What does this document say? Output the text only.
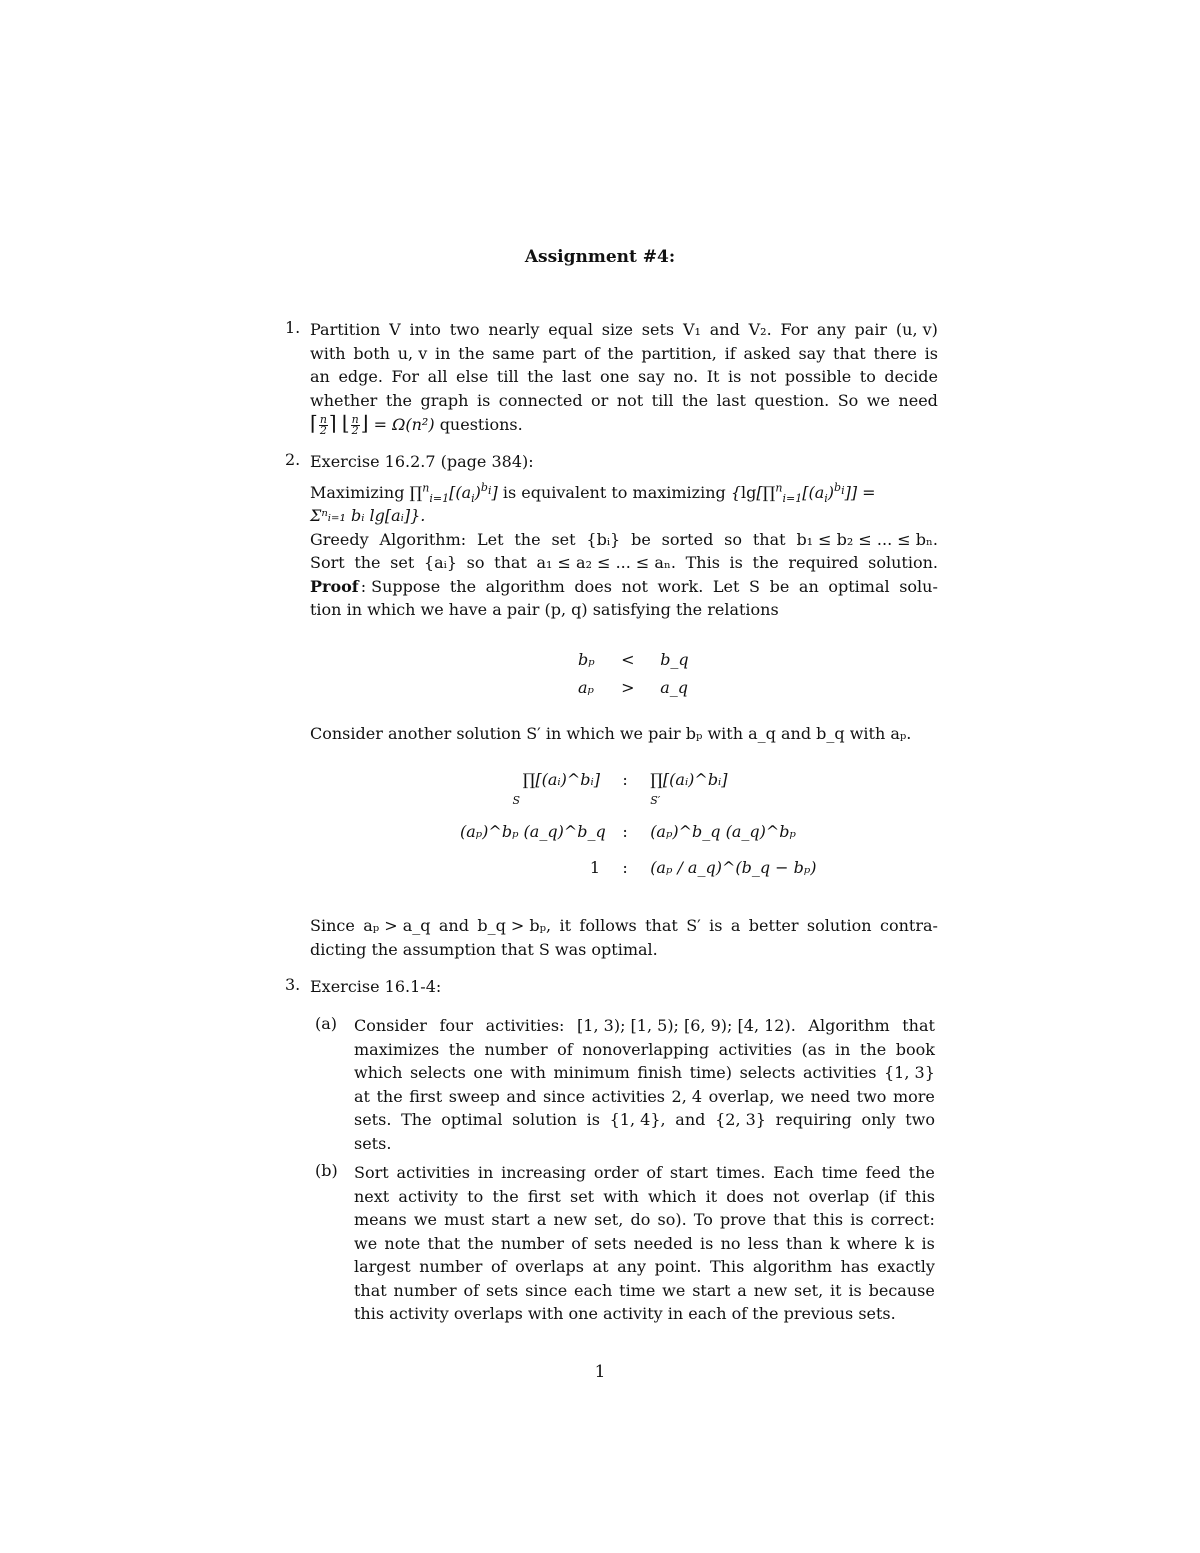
Assignment #4:
1. Partition V into two nearly equal size sets V₁ and V₂. For any pair (u, v)
with both u, v in the same part of the partition, if asked say that there is
an edge. For all else till the last one say no. It is not possible to decide
whether the graph is connected or not till the last question. So we need
⌈ $\frac{n}{2}$ ⌉ ⌊ $\frac{n}{2}$ ⌋ = Ω(n²) questions.
2. Exercise 16.2.7 (page 384):
Maximizing $\prod^n_{i=1}[(a_i)^{b_i}]$ is equivalent to maximizing {$\lg[\prod^n_{i=1}[(a_i)^{b_i}]]$ =
Σⁿᵢ₌₁ bᵢ lg[aᵢ]}.
Greedy Algorithm: Let the set {bᵢ} be sorted so that b₁ ≤ b₂ ≤ ... ≤ bₙ.
Sort the set {aᵢ} so that a₁ ≤ a₂ ≤ ... ≤ aₙ. This is the required solution.
Proof : Suppose the algorithm does not work. Let S be an optimal solu-
tion in which we have a pair (p, q) satisfying the relations
bₚ < b_q
aₚ > a_q
Consider another solution S′ in which we pair bₚ with a_q and b_q with aₚ.
∏[(aᵢ)^bᵢ]
S : ∏[(aᵢ)^bᵢ]
S′
(aₚ)^bₚ (a_q)^b_q : (aₚ)^b_q (a_q)^bₚ
1 : (aₚ / a_q)^(b_q − bₚ)
Since aₚ > a_q and b_q > bₚ, it follows that S′ is a better solution contra-
dicting the assumption that S was optimal.
3. Exercise 16.1-4:
(a) Consider four activities: [1, 3); [1, 5); [6, 9); [4, 12). Algorithm that
maximizes the number of nonoverlapping activities (as in the book
which selects one with minimum finish time) selects activities {1, 3}
at the first sweep and since activities 2, 4 overlap, we need two more
sets. The optimal solution is {1, 4}, and {2, 3} requiring only two
sets.
(b) Sort activities in increasing order of start times. Each time feed the
next activity to the first set with which it does not overlap (if this
means we must start a new set, do so). To prove that this is correct:
we note that the number of sets needed is no less than k where k is
largest number of overlaps at any point. This algorithm has exactly
that number of sets since each time we start a new set, it is because
this activity overlaps with one activity in each of the previous sets.
1
